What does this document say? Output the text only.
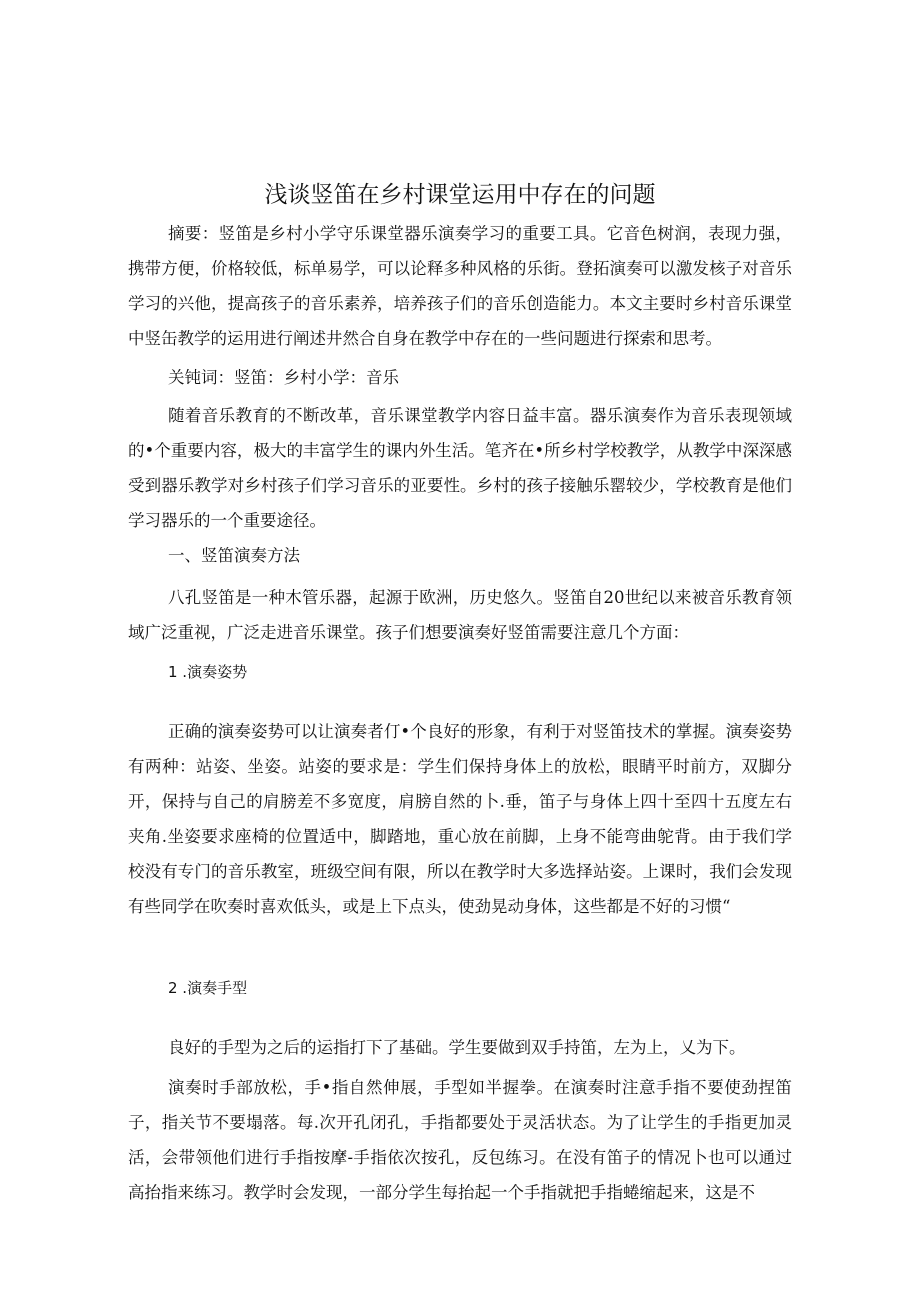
浅谈竖笛在乡村课堂运用中存在的问题

摘要：竖笛是乡村小学守乐课堂器乐演奏学习的重要工具。它音色树润，表现力强，携带方便，价格较低，标单易学，可以论释多种风格的乐街。登拓演奏可以激发核子对音乐学习的兴他，提高孩子的音乐素养，培养孩子们的音乐创造能力。本文主要时乡村音乐课堂中竖缶教学的运用进行阐述井然合自身在教学中存在的一些问题进行探索和思考。

关钝词：竖笛：乡村小学：音乐

随着音乐教育的不断改革，音乐课堂教学内容日益丰富。器乐演奏作为音乐表现领域的•个重要内容，极大的丰富学生的课内外生活。笔齐在•所乡村学校教学，从教学中深深感受到器乐教学对乡村孩子们学习音乐的亚要性。乡村的孩子接触乐罂较少，学校教育是他们学习器乐的一个重要途径。

一、竖笛演奏方法

八孔竖笛是一种木管乐器，起源于欧洲，历史悠久。竖笛自20世纪以来被音乐教育领域广泛重视，广泛走进音乐课堂。孩子们想要演奏好竖笛需要注意几个方面：

1 .演奏姿势

正确的演奏姿势可以让演奏者仃•个良好的形象，有利于对竖笛技术的掌握。演奏姿势有两种：站姿、坐姿。站姿的要求是：学生们保持身体上的放松，眼睛平时前方，双脚分开，保持与自己的肩膀差不多宽度，肩膀自然的卜.垂，笛子与身体上四十至四十五度左右夹角.坐姿要求座椅的位置适中，脚踏地，重心放在前脚，上身不能弯曲鸵背。由于我们学校没有专门的音乐教室，班级空间有限，所以在教学时大多选择站姿。上课时，我们会发现有些同学在吹奏时喜欢低头，或是上下点头，使劲晃动身体，这些都是不好的习惯“

2 .演奏手型

良好的手型为之后的运指打下了基础。学生要做到双手持笛，左为上，乂为下。

演奏时手部放松，手•指自然伸展，手型如半握拳。在演奏时注意手指不要使劲捏笛子，指关节不要塌落。每.次开孔闭孔，手指都要处于灵活状态。为了让学生的手指更加灵活，会带领他们进行手指按摩-手指依次按孔，反包练习。在没有笛子的情况卜也可以通过高抬指来练习。教学时会发现，一部分学生每抬起一个手指就把手指蜷缩起来，这是不
